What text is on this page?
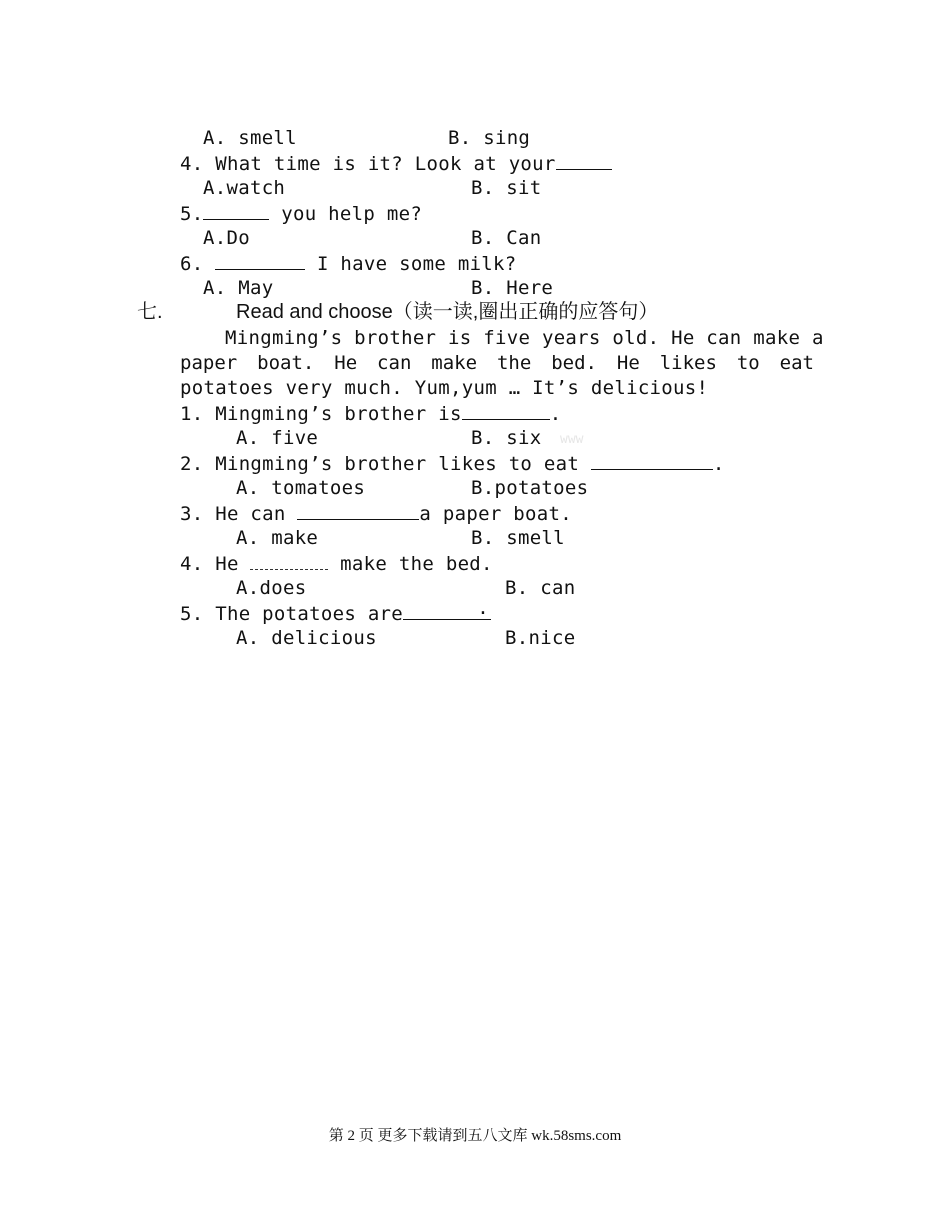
A. smell	B. sing
4. What time is it? Look at your
A.watch	B. sit
5.	you help me?
A.Do	B. Can
6.	I have some milk?
A. May	B. Here
七.	Read and choose（读一读,圈出正确的应答句）
Mingming’s brother is five years old. He can make a
paper boat. He can make the bed. He likes to eat
potatoes very much. Yum,yum … It’s delicious!
1. Mingming’s brother is	.
A. five	B. six www
2. Mingming’s brother likes to eat	.
A. tomatoes	B.potatoes
3. He can	a paper boat.
A. make	B. smell
4. He	make the bed.
A.does	B. can
5. The potatoes are	.
A. delicious	B.nice
第 2 页 更多下载请到五八文库 wk.58sms.com
